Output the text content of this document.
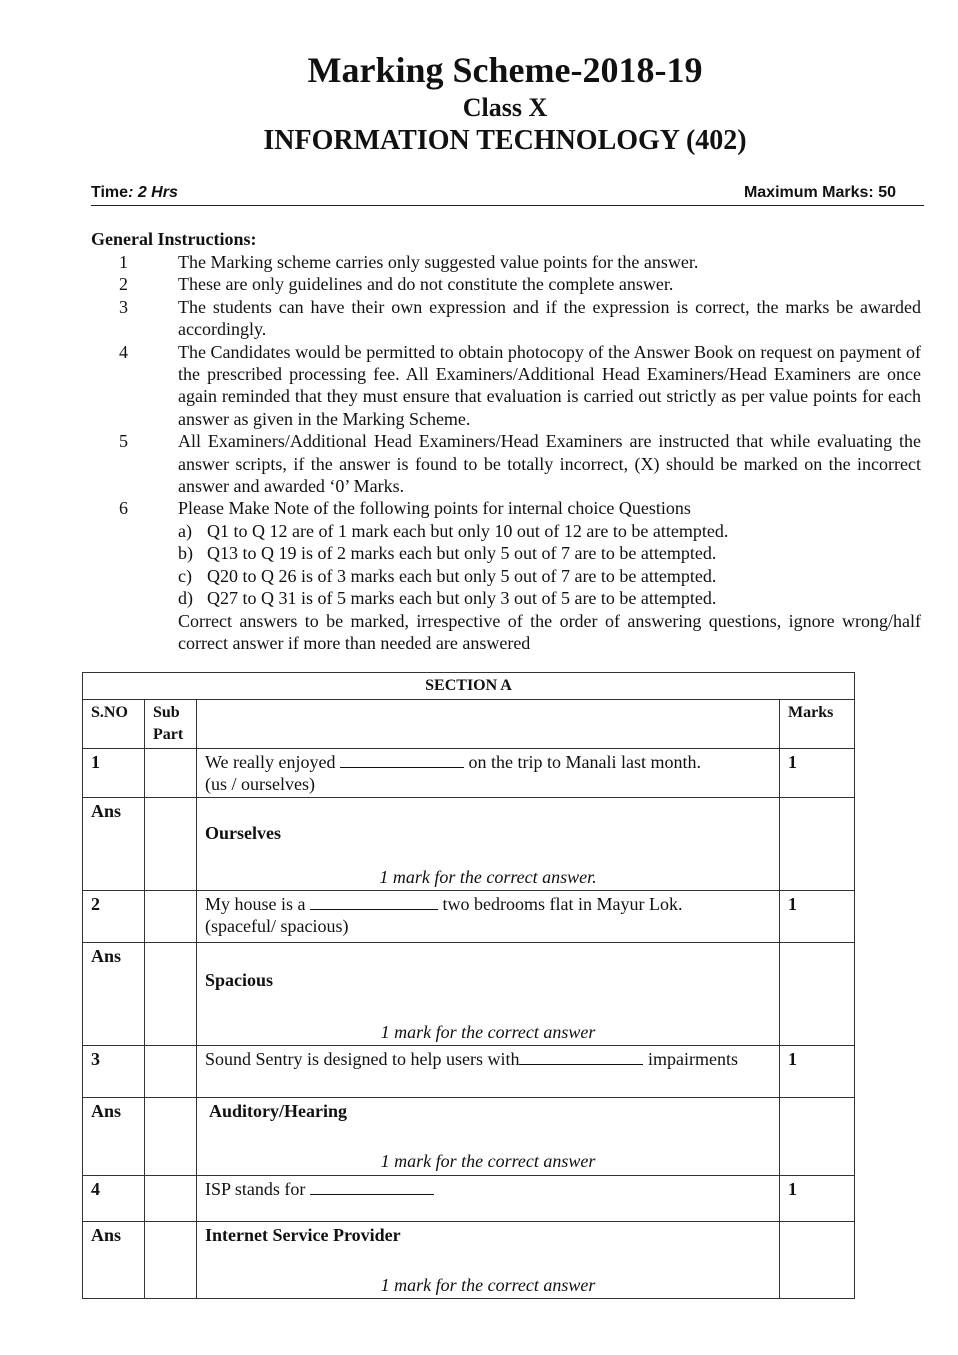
Marking Scheme-2018-19
Class X
INFORMATION TECHNOLOGY (402)
Time: 2 Hrs	Maximum Marks: 50
General Instructions:
1	The Marking scheme carries only suggested value points for the answer.
2	These are only guidelines and do not constitute the complete answer.
3	The students can have their own expression and if the expression is correct, the marks be awarded accordingly.
4	The Candidates would be permitted to obtain photocopy of the Answer Book on request on payment of the prescribed processing fee. All Examiners/Additional Head Examiners/Head Examiners are once again reminded that they must ensure that evaluation is carried out strictly as per value points for each answer as given in the Marking Scheme.
5	All Examiners/Additional Head Examiners/Head Examiners are instructed that while evaluating the answer scripts, if the answer is found to be totally incorrect, (X) should be marked on the incorrect answer and awarded ‘0’ Marks.
6	Please Make Note of the following points for internal choice Questions
a) Q1 to Q 12 are of 1 mark each but only 10 out of 12 are to be attempted.
b) Q13 to Q 19 is of 2 marks each but only 5 out of 7 are to be attempted.
c) Q20 to Q 26 is of 3 marks each but only 5 out of 7 are to be attempted.
d) Q27 to Q 31 is of 5 marks each but only 3 out of 5 are to be attempted.
Correct answers to be marked, irrespective of the order of answering questions, ignore wrong/half correct answer if more than needed are answered
SECTION A			
S.NO	Sub Part		Marks
1		We really enjoyed on the trip to Manali last month.
(us / ourselves)	1
Ans		Ourselves
1 mark for the correct answer.	

2		My house is a two bedrooms flat in Mayur Lok.
(spaceful/ spacious)	1
Ans		Spacious
1 mark for the correct answer	

3		Sound Sentry is designed to help users with impairments	1
Ans		Auditory/Hearing
1 mark for the correct answer	

4		ISP stands for	1
Ans		Internet Service Provider
1 mark for the correct answer	
